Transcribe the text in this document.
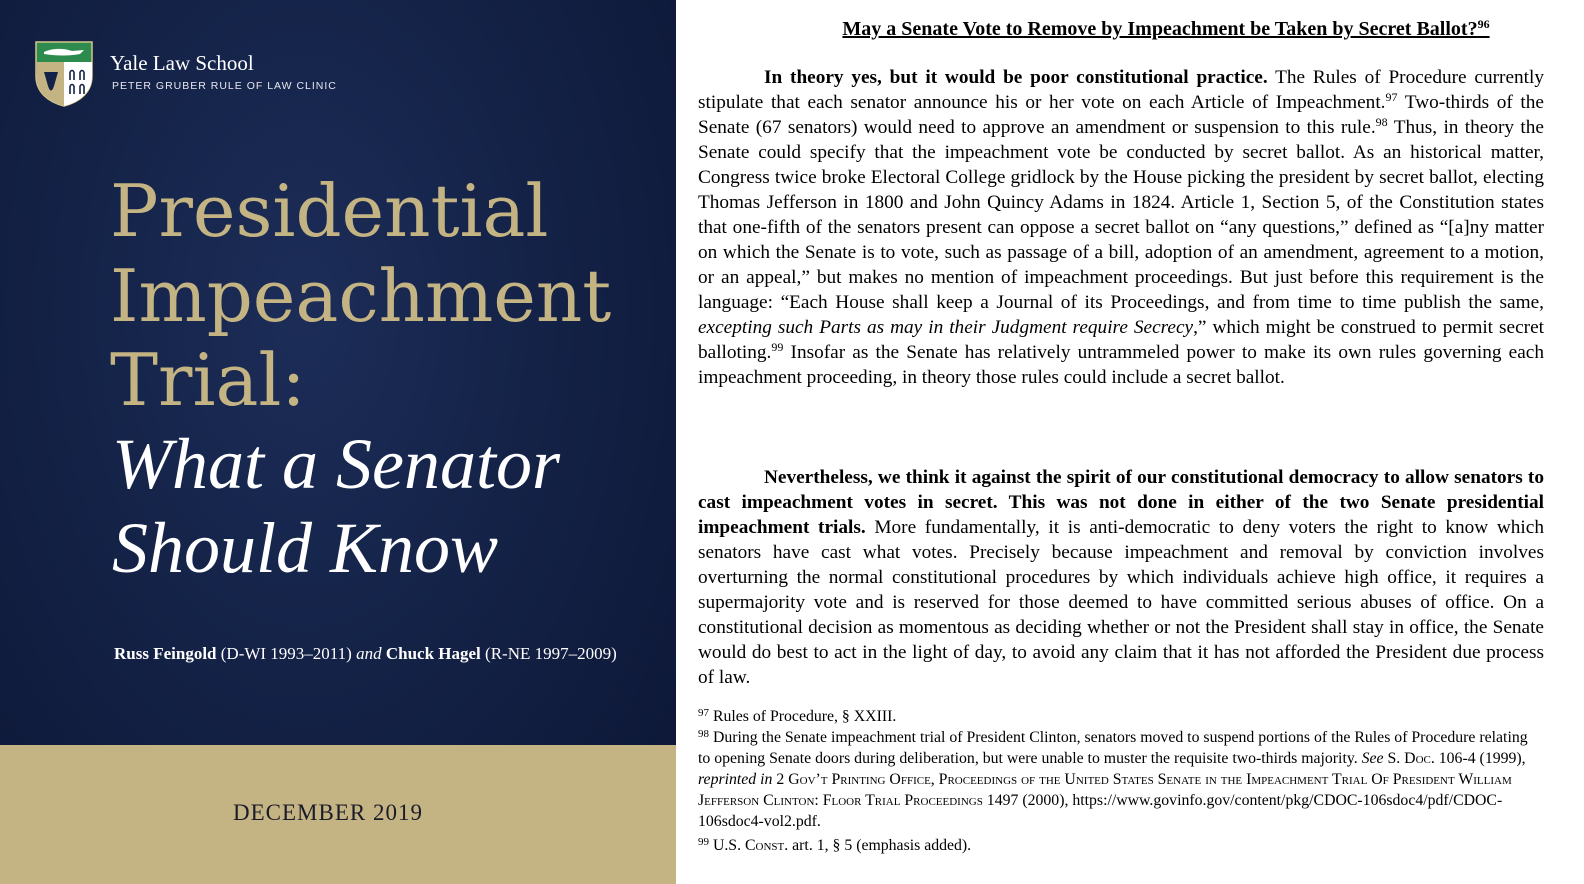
Yale Law School
PETER GRUBER RULE OF LAW CLINIC
Presidential
Impeachment
Trial:
What a Senator
Should Know
Russ Feingold (D-WI 1993–2011) and Chuck Hagel (R-NE 1997–2009)
DECEMBER 2019
May a Senate Vote to Remove by Impeachment be Taken by Secret Ballot?$^{96}$

In theory yes, but it would be poor constitutional practice. The Rules of Procedure currently stipulate that each senator announce his or her vote on each Article of Impeachment.$^{97}$ Two-thirds of the Senate (67 senators) would need to approve an amendment or suspension to this rule.$^{98}$ Thus, in theory the Senate could specify that the impeachment vote be conducted by secret ballot. As an historical matter, Congress twice broke Electoral College gridlock by the House picking the president by secret ballot, electing Thomas Jefferson in 1800 and John Quincy Adams in 1824. Article 1, Section 5, of the Constitution states that one-fifth of the senators present can oppose a secret ballot on “any questions,” defined as “[a]ny matter on which the Senate is to vote, such as passage of a bill, adoption of an amendment, agreement to a motion, or an appeal,” but makes no mention of impeachment proceedings. But just before this requirement is the language: “Each House shall keep a Journal of its Proceedings, and from time to time publish the same, excepting such Parts as may in their Judgment require Secrecy,” which might be construed to permit secret balloting.$^{99}$ Insofar as the Senate has relatively untrammeled power to make its own rules governing each impeachment proceeding, in theory those rules could include a secret ballot.

Nevertheless, we think it against the spirit of our constitutional democracy to allow senators to cast impeachment votes in secret. This was not done in either of the two Senate presidential impeachment trials. More fundamentally, it is anti-democratic to deny voters the right to know which senators have cast what votes. Precisely because impeachment and removal by conviction involves overturning the normal constitutional procedures by which individuals achieve high office, it requires a supermajority vote and is reserved for those deemed to have committed serious abuses of office. On a constitutional decision as momentous as deciding whether or not the President shall stay in office, the Senate would do best to act in the light of day, to avoid any claim that it has not afforded the President due process of law.

$^{97}$ Rules of Procedure, § XXIII.

$^{98}$ During the Senate impeachment trial of President Clinton, senators moved to suspend portions of the Rules of Procedure relating to opening Senate doors during deliberation, but were unable to muster the requisite two-thirds majority. See S. Doc. 106-4 (1999), reprinted in 2 Gov’t Printing Office, Proceedings of the United States Senate in the Impeachment Trial Of President William Jefferson Clinton: Floor Trial Proceedings 1497 (2000), https://www.govinfo.gov/content/pkg/CDOC-106sdoc4/pdf/CDOC-106sdoc4-vol2.pdf.

$^{99}$ U.S. Const. art. 1, § 5 (emphasis added).
